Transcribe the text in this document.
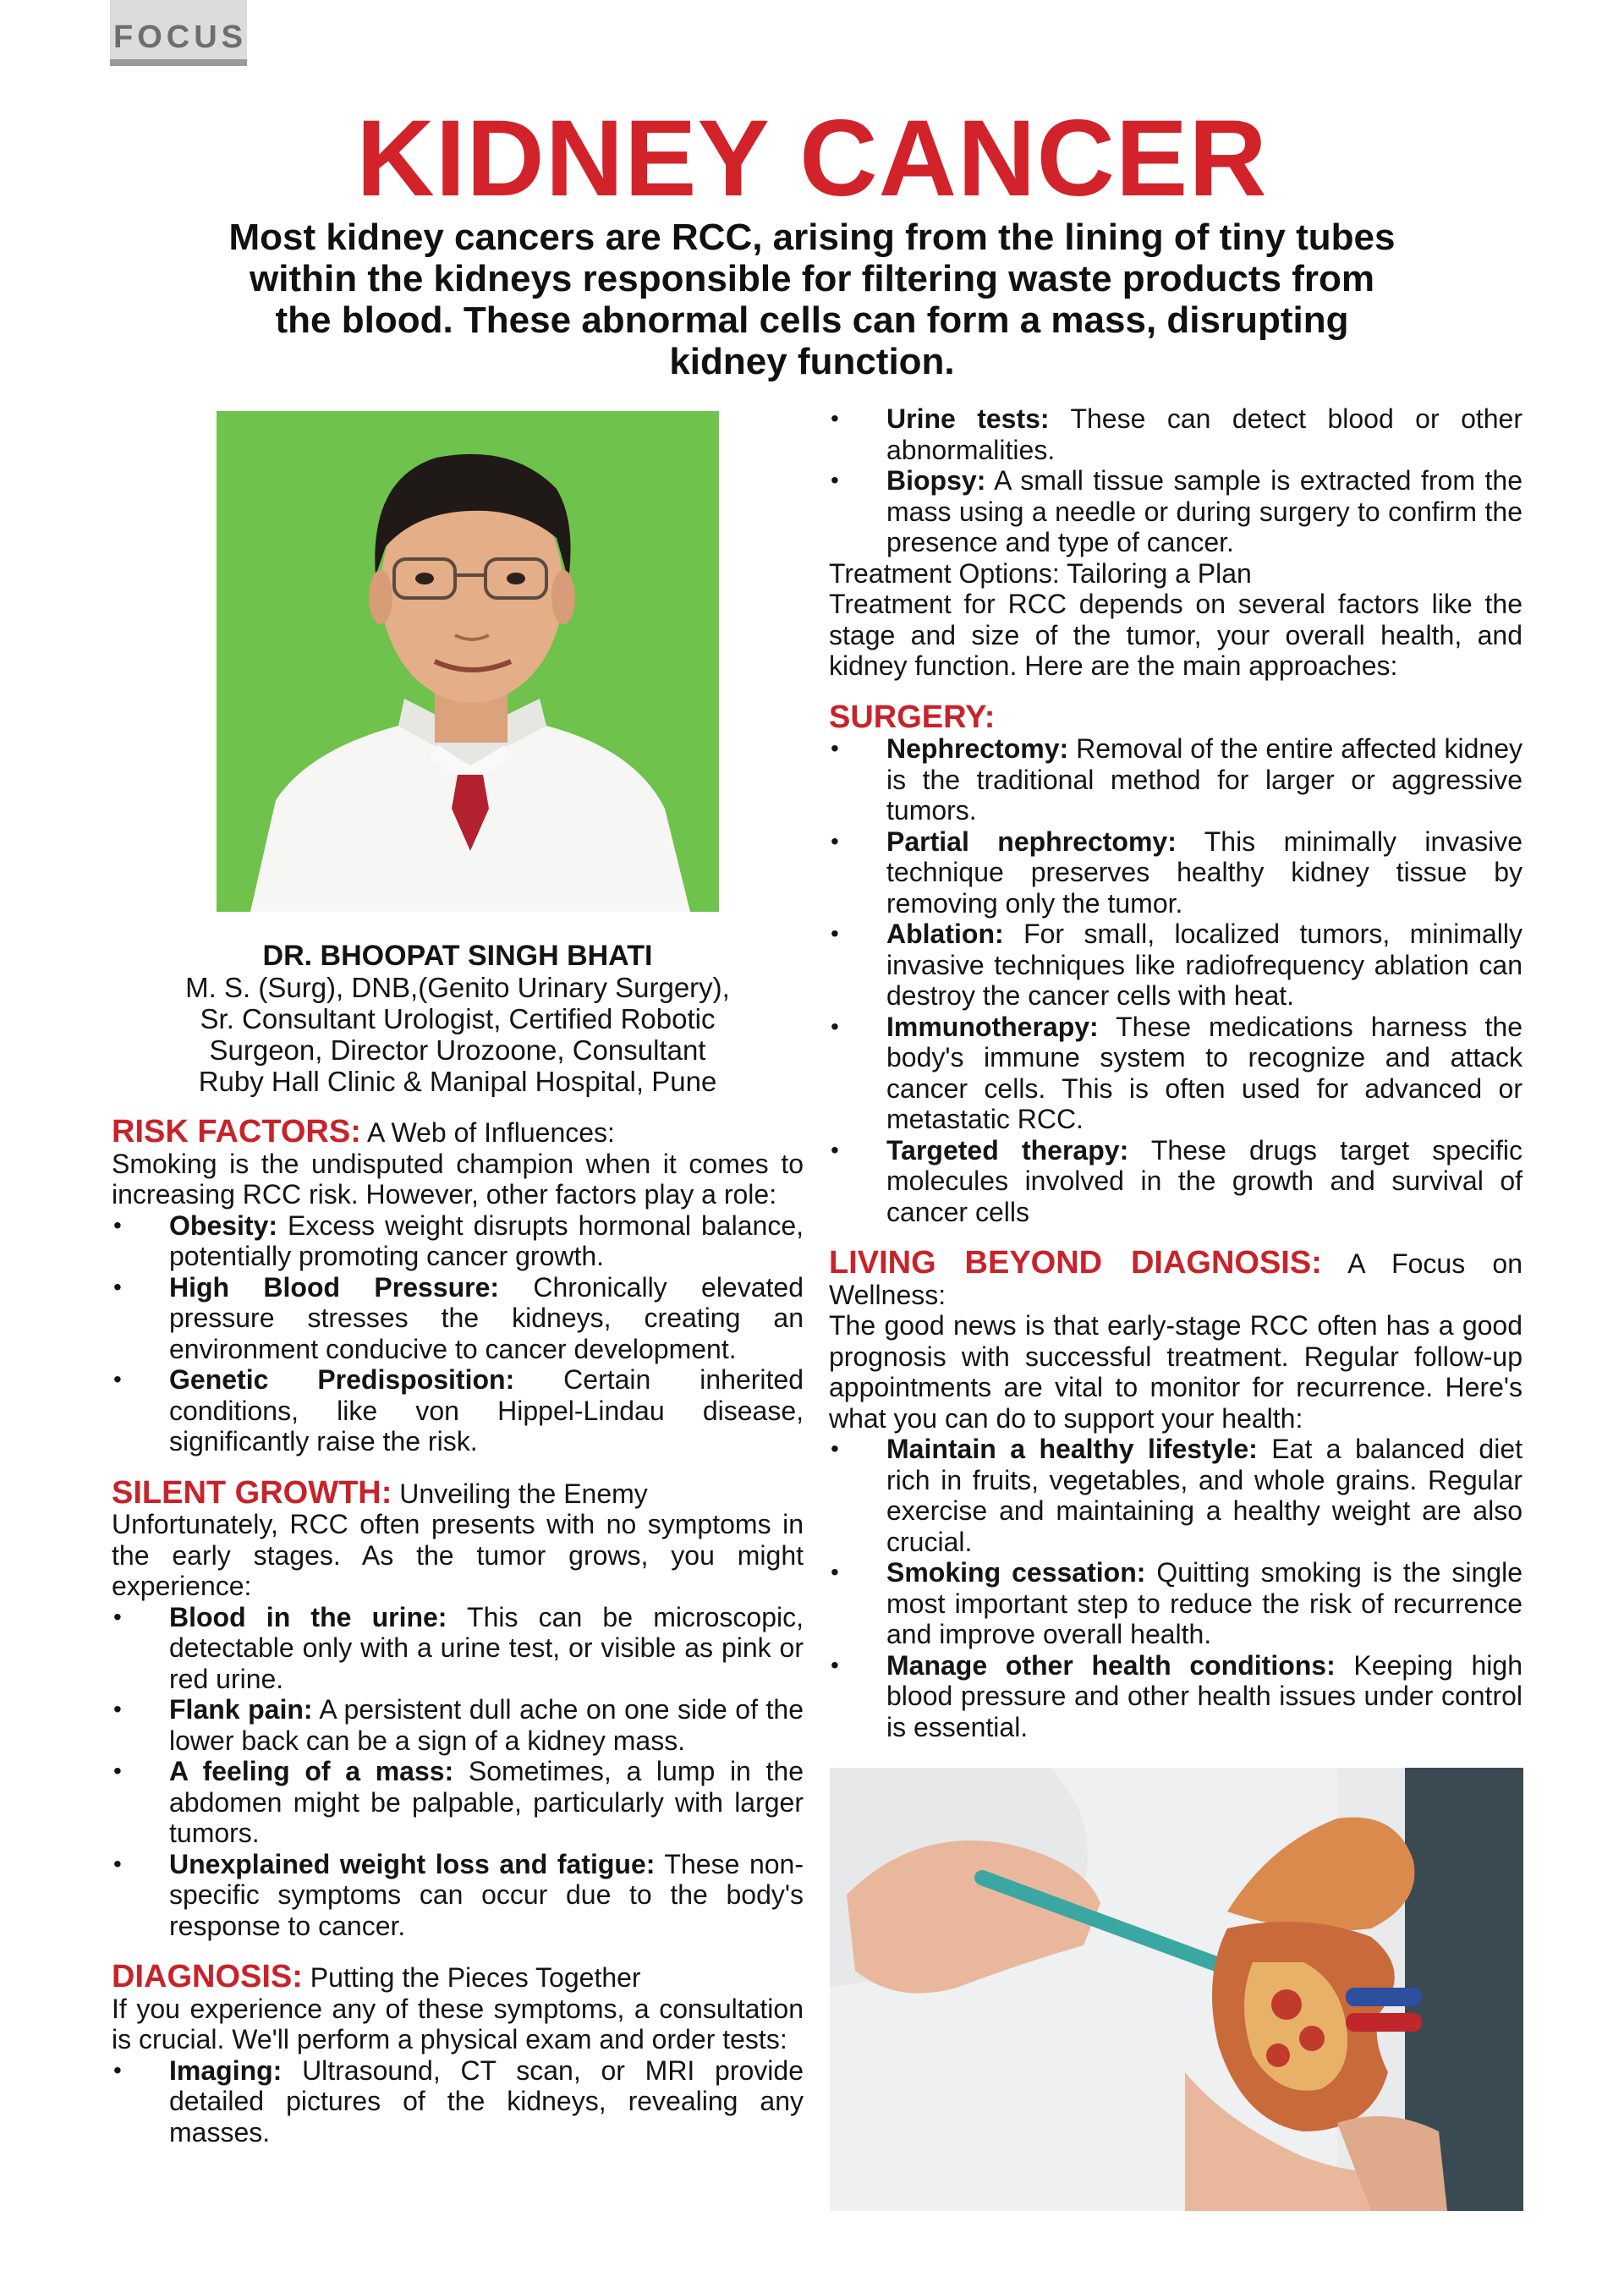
FOCUS
KIDNEY CANCER
Most kidney cancers are RCC, arising from the lining of tiny tubes within the kidneys responsible for filtering waste products from the blood. These abnormal cells can form a mass, disrupting kidney function.
DR. BHOOPAT SINGH BHATI
M. S. (Surg), DNB,(Genito Urinary Surgery),
Sr. Consultant Urologist, Certified Robotic
Surgeon, Director Urozoone, Consultant
Ruby Hall Clinic & Manipal Hospital, Pune

RISK FACTORS: A Web of Influences:

Smoking is the undisputed champion when it comes to increasing RCC risk. However, other factors play a role:

• Obesity: Excess weight disrupts hormonal balance, potentially promoting cancer growth.
• High Blood Pressure: Chronically elevated pressure stresses the kidneys, creating an environment conducive to cancer development.
• Genetic Predisposition: Certain inherited conditions, like von Hippel-Lindau disease, significantly raise the risk.

SILENT GROWTH: Unveiling the Enemy

Unfortunately, RCC often presents with no symptoms in the early stages. As the tumor grows, you might experience:

• Blood in the urine: This can be microscopic, detectable only with a urine test, or visible as pink or red urine.
• Flank pain: A persistent dull ache on one side of the lower back can be a sign of a kidney mass.
• A feeling of a mass: Sometimes, a lump in the abdomen might be palpable, particularly with larger tumors.
• Unexplained weight loss and fatigue: These non-specific symptoms can occur due to the body's response to cancer.

DIAGNOSIS: Putting the Pieces Together

If you experience any of these symptoms, a consultation is crucial. We'll perform a physical exam and order tests:

• Imaging: Ultrasound, CT scan, or MRI provide detailed pictures of the kidneys, revealing any masses.
• Urine tests: These can detect blood or other abnormalities.
• Biopsy: A small tissue sample is extracted from the mass using a needle or during surgery to confirm the presence and type of cancer.

Treatment Options: Tailoring a Plan

Treatment for RCC depends on several factors like the stage and size of the tumor, your overall health, and kidney function. Here are the main approaches:

SURGERY:

• Nephrectomy: Removal of the entire affected kidney is the traditional method for larger or aggressive tumors.
• Partial nephrectomy: This minimally invasive technique preserves healthy kidney tissue by removing only the tumor.
• Ablation: For small, localized tumors, minimally invasive techniques like radiofrequency ablation can destroy the cancer cells with heat.
• Immunotherapy: These medications harness the body's immune system to recognize and attack cancer cells. This is often used for advanced or metastatic RCC.
• Targeted therapy: These drugs target specific molecules involved in the growth and survival of cancer cells

LIVING BEYOND DIAGNOSIS: A Focus on Wellness:

The good news is that early-stage RCC often has a good prognosis with successful treatment. Regular follow-up appointments are vital to monitor for recurrence. Here's what you can do to support your health:

• Maintain a healthy lifestyle: Eat a balanced diet rich in fruits, vegetables, and whole grains. Regular exercise and maintaining a healthy weight are also crucial.
• Smoking cessation: Quitting smoking is the single most important step to reduce the risk of recurrence and improve overall health.
• Manage other health conditions: Keeping high blood pressure and other health issues under control is essential.
